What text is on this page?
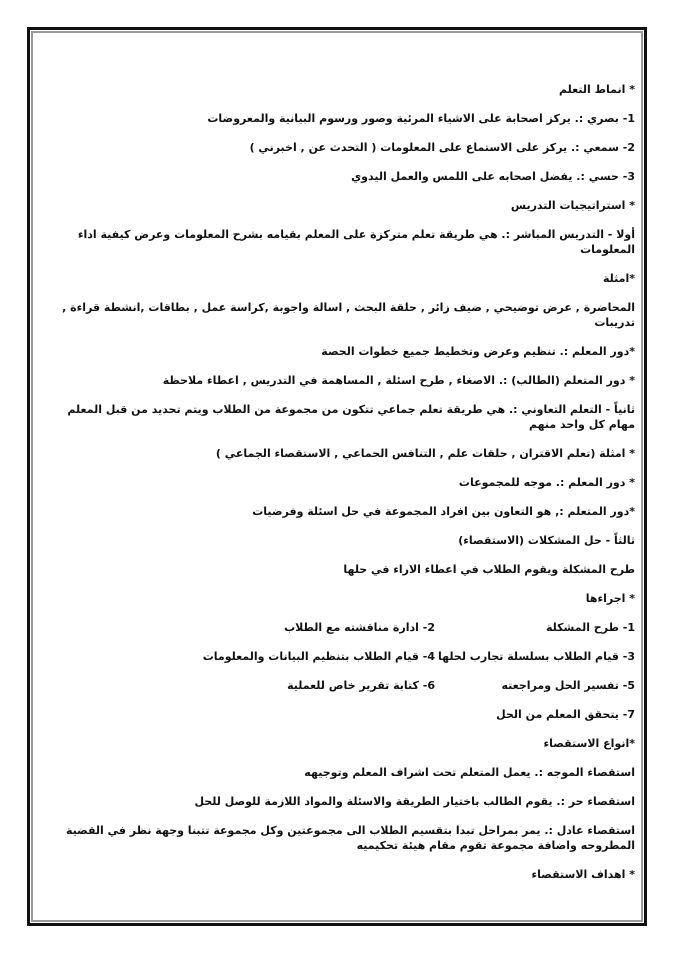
* انماط التعلم
1- بصري :. يركز اصحابة على الاشياء المرئية وصور ورسوم البيانية والمعروضات
2- سمعي :. يركز على الاستماع على المعلومات ( التحدث عن , اخبرني )
3- حسي :. يفضل اصحابه على اللمس والعمل اليدوي
* استراتيجيات التدريس
أولا - التدريس المباشر :. هي طريقة تعلم متركزة على المعلم بقيامه بشرح المعلومات وعرض كيفية اداء المعلومات
*امثلة
المحاضرة , عرض توضيحي , ضيف زائر , حلقة البحث , اسالة واجوبة ,كراسة عمل , بطاقات ,انشطة قراءة , تدريبات
*دور المعلم :. تنظيم وعرض وتخطيط جميع خطوات الحصة
* دور المتعلم (الطالب) :. الاصغاء , طرح اسئلة , المساهمة في التدريس , اعطاء ملاحظة
ثانياً - التعلم التعاوني :. هي طريقة تعلم جماعي تتكون من مجموعة من الطلاب ويتم تحديد من قبل المعلم مهام كل واحد منهم
* امثلة (تعلم الاقتران , حلقات علم , التنافس الحماعي , الاستقصاء الجماعي )
* دور المعلم :. موجه للمجموعات
*دور المتعلم :, هو التعاون بين افراد المجموعة في حل اسئلة وفرضيات
ثالثاً - حل المشكلات (الاستقصاء)
طرح المشكلة ويقوم الطلاب في اعطاء الاراء في حلها
* اجراءها
1- طرح المشكلة
2- ادارة مناقشته مع الطلاب
3- قيام الطلاب بسلسلة تجارب لحلها
4- قيام الطلاب بتنظيم البيانات والمعلومات
5- تفسير الحل ومراجعته
6- كتابة تقرير خاص للعملية
7- يتحقق المعلم من الحل
*انواع الاستقصاء
استقصاء الموجه :. يعمل المتعلم تحت اشراف المعلم وتوجيهه
استقصاء حر :. يقوم الطالب باختيار الطريقة والاسئلة والمواد اللازمة للوصل للحل
استقصاء عادل :. يمر بمراحل تبدا بتقسيم الطلاب الى مجموعتين وكل مجموعة تتبنا وجهة نظر في القضية المطروحه واضافة مجموعة تقوم مقام هيئة تحكيميه
* اهداف الاستقصاء
